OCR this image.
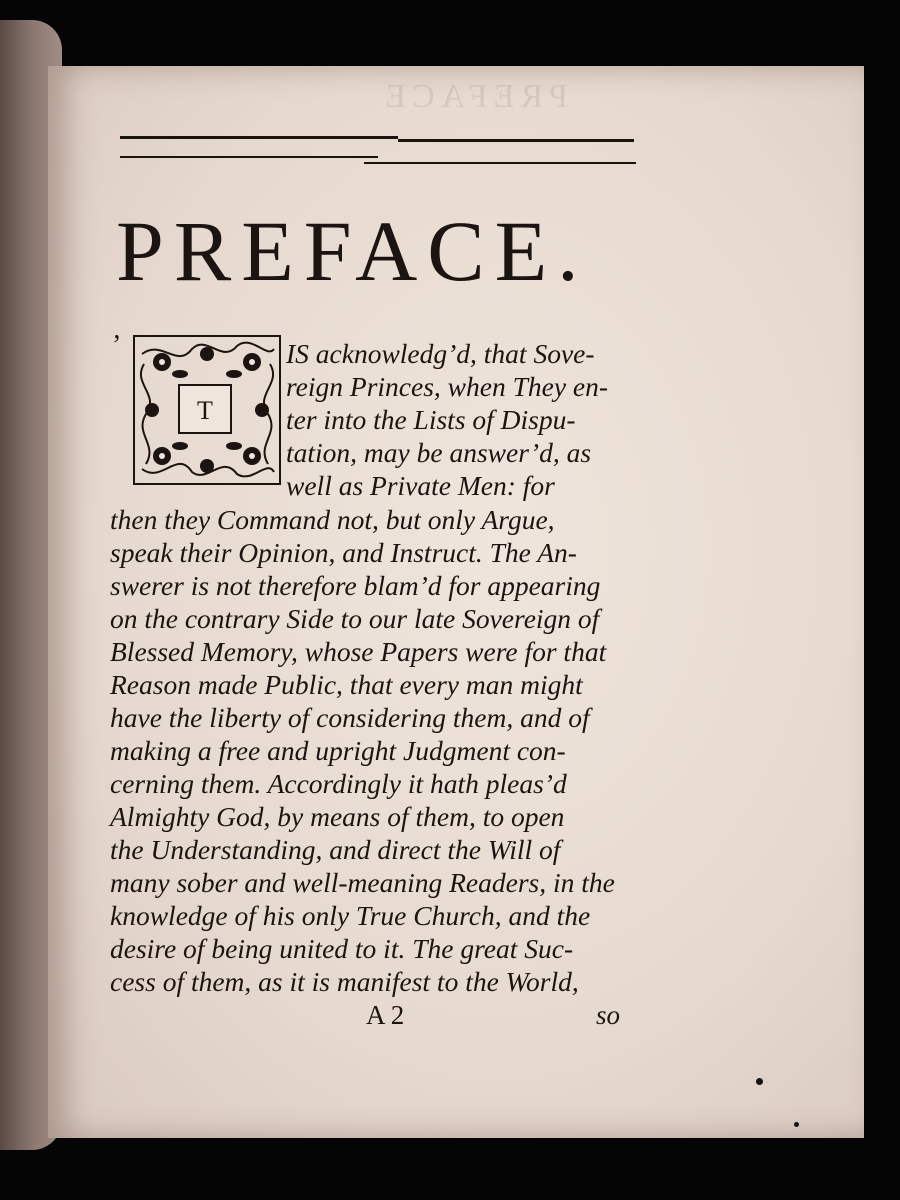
PREFACE
PREFACE.
’
T
IS acknowledg’d, that Sove-
reign Princes, when They en-
ter into the Lists of Dispu-
tation, may be answer’d, as
well as Private Men: for
then they Command not, but only Argue,
speak their Opinion, and Instruct. The An-
swerer is not therefore blam’d for appearing
on the contrary Side to our late Sovereign of
Blessed Memory, whose Papers were for that
Reason made Public, that every man might
have the liberty of considering them, and of
making a free and upright Judgment con-
cerning them. Accordingly it hath pleas’d
Almighty God, by means of them, to open
the Understanding, and direct the Will of
many sober and well-meaning Readers, in the
knowledge of his only True Church, and the
desire of being united to it. The great Suc-
cess of them, as it is manifest to the World,
A 2	so
